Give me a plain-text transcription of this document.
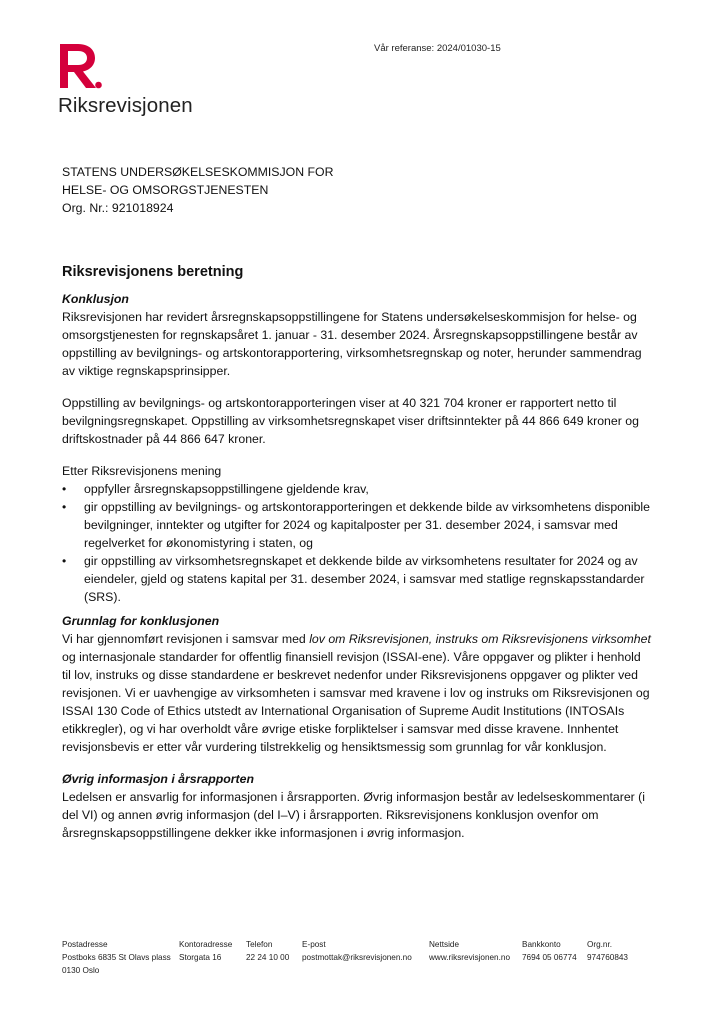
Riksrevisjonen
Vår referanse: 2024/01030-15
STATENS UNDERSØKELSESKOMMISJON FOR
HELSE- OG OMSORGSTJENESTEN
Org. Nr.: 921018924
Riksrevisjonens beretning
Konklusjon

Riksrevisjonen har revidert årsregnskapsoppstillingene for Statens undersøkelseskommisjon for helse- og omsorgstjenesten for regnskapsåret 1. januar - 31. desember 2024. Årsregnskapsoppstillingene består av oppstilling av bevilgnings- og artskontorapportering, virksomhetsregnskap og noter, herunder sammendrag av viktige regnskapsprinsipper.

Oppstilling av bevilgnings- og artskontorapporteringen viser at 40 321 704 kroner er rapportert netto til bevilgningsregnskapet. Oppstilling av virksomhetsregnskapet viser driftsinntekter på 44 866 649 kroner og driftskostnader på 44 866 647 kroner.

Etter Riksrevisjonens mening

• oppfyller årsregnskapsoppstillingene gjeldende krav,
• gir oppstilling av bevilgnings- og artskontorapporteringen et dekkende bilde av virksomhetens disponible bevilgninger, inntekter og utgifter for 2024 og kapitalposter per 31. desember 2024, i samsvar med regelverket for økonomistyring i staten, og
• gir oppstilling av virksomhetsregnskapet et dekkende bilde av virksomhetens resultater for 2024 og av eiendeler, gjeld og statens kapital per 31. desember 2024, i samsvar med statlige regnskapsstandarder (SRS).
Grunnlag for konklusjonen

Vi har gjennomført revisjonen i samsvar med lov om Riksrevisjonen, instruks om Riksrevisjonens virksomhet og internasjonale standarder for offentlig finansiell revisjon (ISSAI-ene). Våre oppgaver og plikter i henhold til lov, instruks og disse standardene er beskrevet nedenfor under Riksrevisjonens oppgaver og plikter ved revisjonen. Vi er uavhengige av virksomheten i samsvar med kravene i lov og instruks om Riksrevisjonen og ISSAI 130 Code of Ethics utstedt av International Organisation of Supreme Audit Institutions (INTOSAIs etikkregler), og vi har overholdt våre øvrige etiske forpliktelser i samsvar med disse kravene. Innhentet revisjonsbevis er etter vår vurdering tilstrekkelig og hensiktsmessig som grunnlag for vår konklusjon.

Øvrig informasjon i årsrapporten

Ledelsen er ansvarlig for informasjonen i årsrapporten. Øvrig informasjon består av ledelseskommentarer (i del VI) og annen øvrig informasjon (del I–V) i årsrapporten. Riksrevisjonens konklusjon ovenfor om årsregnskapsoppstillingene dekker ikke informasjonen i øvrig informasjon.

Postadresse
Postboks 6835 St Olavs plass
0130 Oslo
Kontoradresse
Storgata 16
Telefon
22 24 10 00
E-post
postmottak@riksrevisjonen.no
Nettside
www.riksrevisjonen.no
Bankkonto
7694 05 06774
Org.nr.
974760843
